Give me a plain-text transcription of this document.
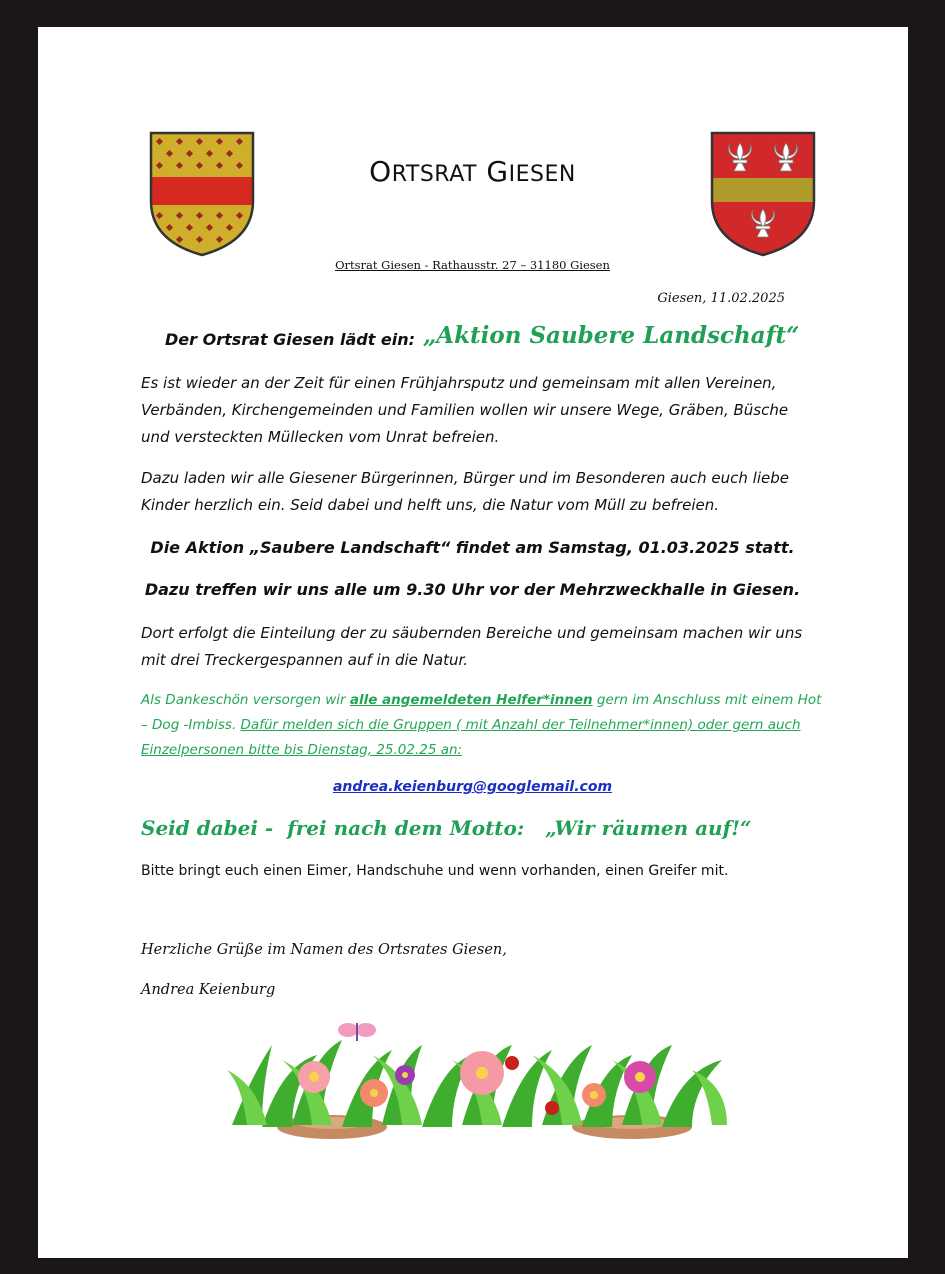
ORTSRAT GIESEN
Ortsrat Giesen - Rathausstr. 27 – 31180 Giesen
Giesen, 11.02.2025
Der Ortsrat Giesen lädt ein: „Aktion Saubere Landschaft“
Es ist wieder an der Zeit für einen Frühjahrsputz und gemeinsam mit allen Vereinen, Verbänden, Kirchengemeinden und Familien wollen wir unsere Wege, Gräben, Büsche und versteckten Müllecken vom Unrat befreien.
Dazu laden wir alle Giesener Bürgerinnen, Bürger und im Besonderen auch euch liebe Kinder herzlich ein. Seid dabei und helft uns, die Natur vom Müll zu befreien.
Die Aktion „Saubere Landschaft“ findet am Samstag, 01.03.2025 statt.
Dazu treffen wir uns alle um 9.30 Uhr vor der Mehrzweckhalle in Giesen.
Dort erfolgt die Einteilung der zu säubernden Bereiche und gemeinsam machen wir uns mit drei Treckergespannen auf in die Natur.
Als Dankeschön versorgen wir alle angemeldeten Helfer*innen gern im Anschluss mit einem Hot – Dog -Imbiss. Dafür melden sich die Gruppen ( mit Anzahl der Teilnehmer*innen) oder gern auch Einzelpersonen bitte bis Dienstag, 25.02.25 an:
andrea.keienburg@googlemail.com
Seid dabei -  frei nach dem Motto:   „Wir räumen auf!“
Bitte bringt euch einen Eimer, Handschuhe und wenn vorhanden, einen Greifer mit.
Herzliche Grüße im Namen des Ortsrates Giesen,
Andrea Keienburg
